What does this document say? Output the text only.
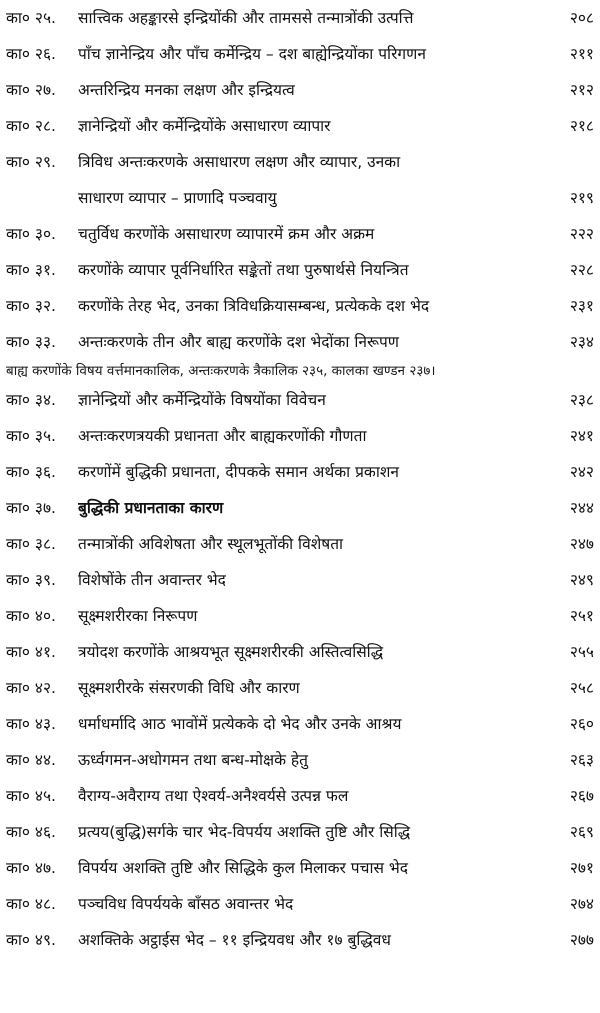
का० २५. सात्त्विक अहङ्कारसे इन्द्रियोंकी और तामससे तन्मात्रोंकी उत्पत्ति	२०८
का० २६. पाँच ज्ञानेन्द्रिय और पाँच कर्मेन्द्रिय – दश बाह्येन्द्रियोंका परिगणन	२११
का० २७. अन्तरिन्द्रिय मनका लक्षण और इन्द्रियत्व	२१२
का० २८. ज्ञानेन्द्रियों और कर्मेन्द्रियोंके असाधारण व्यापार	२१८
का० २९. त्रिविध अन्तःकरणके असाधारण लक्षण और व्यापार, उनका
साधारण व्यापार – प्राणादि पञ्चवायु	२१९
का० ३०. चतुर्विध करणोंके असाधारण व्यापारमें क्रम और अक्रम	२२२
का० ३१. करणोंके व्यापार पूर्वनिर्धारित सङ्केतों तथा पुरुषार्थसे नियन्त्रित	२२८
का० ३२. करणोंके तेरह भेद, उनका त्रिविधक्रियासम्बन्ध, प्रत्येकके दश भेद	२३१
का० ३३. अन्तःकरणके तीन और बाह्य करणोंके दश भेदोंका निरूपण	२३४
बाह्य करणोंके विषय वर्त्तमानकालिक, अन्तःकरणके त्रैकालिक २३५, कालका खण्डन २३७।
का० ३४. ज्ञानेन्द्रियों और कर्मेन्द्रियोंके विषयोंका विवेचन	२३८
का० ३५. अन्तःकरणत्रयकी प्रधानता और बाह्यकरणोंकी गौणता	२४१
का० ३६. करणोंमें बुद्धिकी प्रधानता, दीपकके समान अर्थका प्रकाशन	२४२
का० ३७. बुद्धिकी प्रधानताका कारण	२४४
का० ३८. तन्मात्रोंकी अविशेषता और स्थूलभूतोंकी विशेषता	२४७
का० ३९. विशेषोंके तीन अवान्तर भेद	२४९
का० ४०. सूक्ष्मशरीरका निरूपण	२५१
का० ४१. त्रयोदश करणोंके आश्रयभूत सूक्ष्मशरीरकी अस्तित्वसिद्धि	२५५
का० ४२. सूक्ष्मशरीरके संसरणकी विधि और कारण	२५८
का० ४३. धर्माधर्मादि आठ भावोंमें प्रत्येकके दो भेद और उनके आश्रय	२६०
का० ४४. ऊर्ध्वगमन-अधोगमन तथा बन्ध-मोक्षके हेतु	२६३
का० ४५. वैराग्य-अवैराग्य तथा ऐश्वर्य-अनैश्वर्यसे उत्पन्न फल	२६७
का० ४६. प्रत्यय(बुद्धि)सर्गके चार भेद-विपर्यय अशक्ति तुष्टि और सिद्धि	२६९
का० ४७. विपर्यय अशक्ति तुष्टि और सिद्धिके कुल मिलाकर पचास भेद	२७१
का० ४८. पञ्चविध विपर्ययके बाँसठ अवान्तर भेद	२७४
का० ४९. अशक्तिके अट्ठाईस भेद – ११ इन्द्रियवध और १७ बुद्धिवध	२७७
